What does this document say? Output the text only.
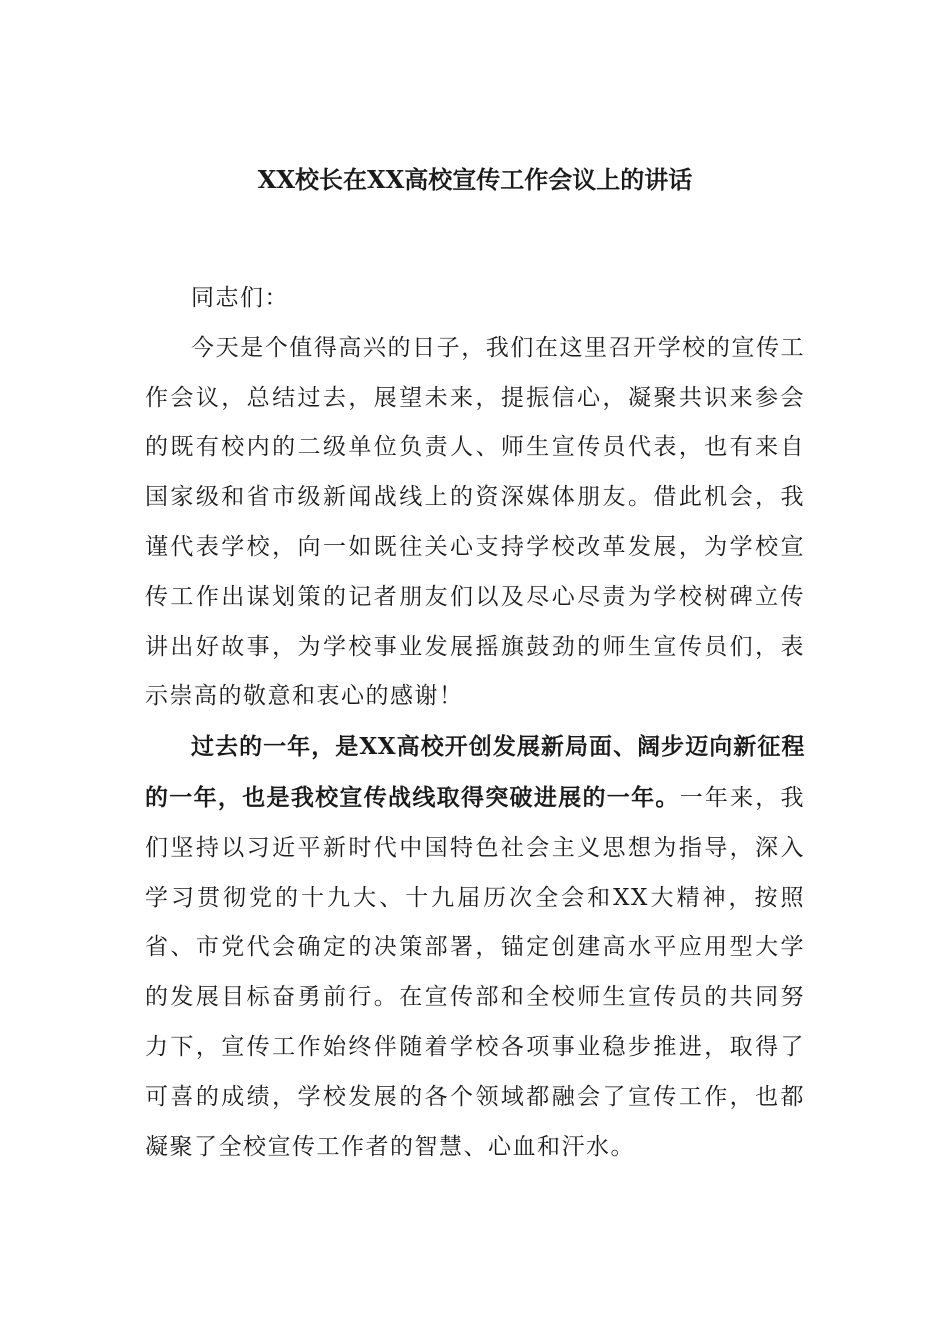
XX校长在XX高校宣传工作会议上的讲话

同志们：

今天是个值得高兴的日子，我们在这里召开学校的宣传工作会议，总结过去，展望未来，提振信心，凝聚共识来参会的既有校内的二级单位负责人、师生宣传员代表，也有来自国家级和省市级新闻战线上的资深媒体朋友。借此机会，我谨代表学校，向一如既往关心支持学校改革发展，为学校宣传工作出谋划策的记者朋友们以及尽心尽责为学校树碑立传讲出好故事，为学校事业发展摇旗鼓劲的师生宣传员们，表示崇高的敬意和衷心的感谢！

过去的一年，是XX高校开创发展新局面、阔步迈向新征程的一年，也是我校宣传战线取得突破进展的一年。一年来，我们坚持以习近平新时代中国特色社会主义思想为指导，深入学习贯彻党的十九大、十九届历次全会和XX大精神，按照省、市党代会确定的决策部署，锚定创建高水平应用型大学的发展目标奋勇前行。在宣传部和全校师生宣传员的共同努力下，宣传工作始终伴随着学校各项事业稳步推进，取得了可喜的成绩，学校发展的各个领域都融会了宣传工作，也都凝聚了全校宣传工作者的智慧、心血和汗水。
